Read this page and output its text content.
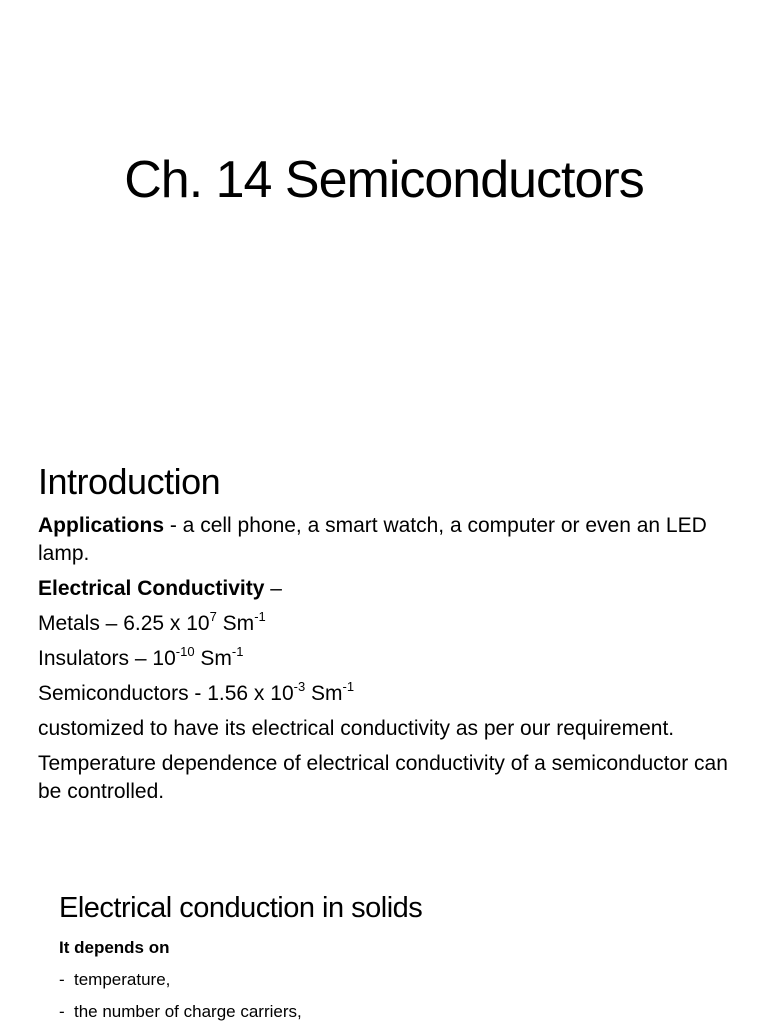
Ch. 14 Semiconductors
Introduction

Applications - a cell phone, a smart watch, a computer or even an LED lamp.

Electrical Conductivity –

Metals – 6.25 x $10^7$ $Sm^{-1}$

Insulators – $10^{-10}$ $Sm^{-1}$

Semiconductors - 1.56 x $10^{-3}$ $Sm^{-1}$

customized to have its electrical conductivity as per our requirement.

Temperature dependence of electrical conductivity of a semiconductor can be controlled.

Electrical conduction in solids
It depends on
- temperature,
- the number of charge carriers,
